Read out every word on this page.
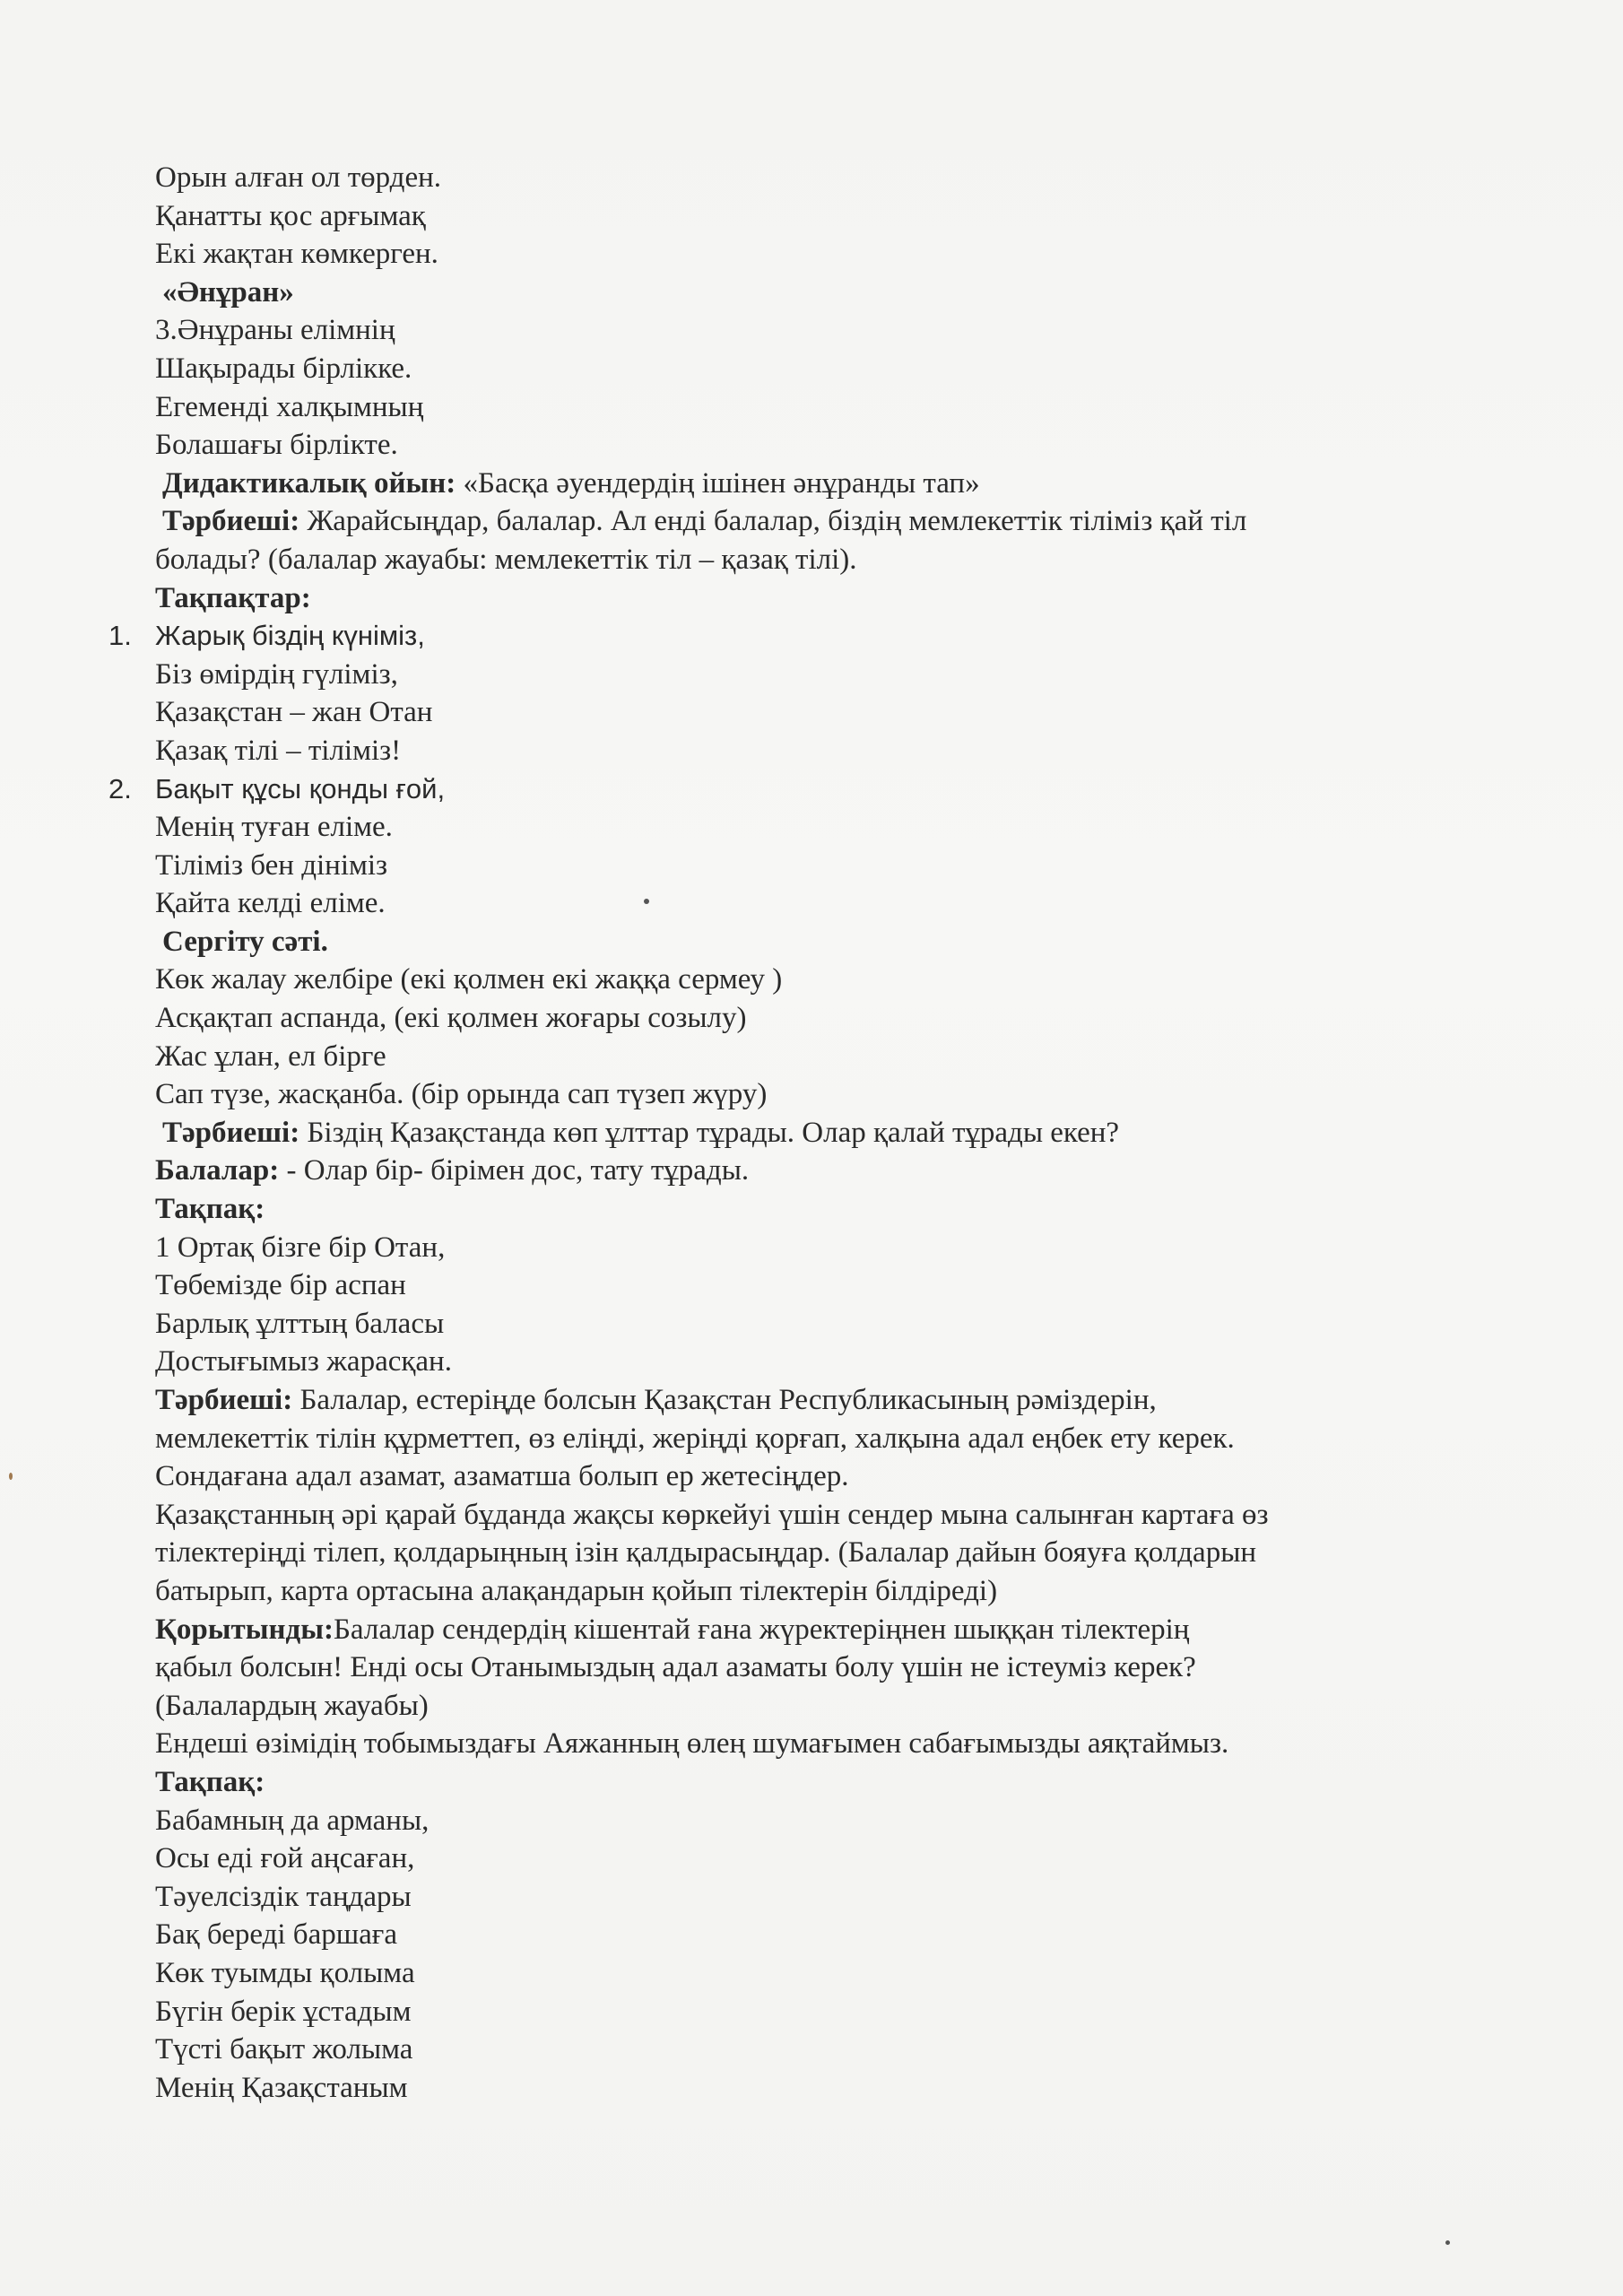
Орын алған ол төрден.
Қанатты қос арғымақ
Екі жақтан көмкерген.
«Әнұран»
3.Әнұраны елімнің
Шақырады бірлікке.
Егеменді халқымның
Болашағы бірлікте.
Дидактикалық ойын: «Басқа әуендердің ішінен әнұранды тап»
Тәрбиеші: Жарайсыңдар, балалар. Ал енді балалар, біздің мемлекеттік тіліміз қай тіл
болады? (балалар жауабы: мемлекеттік тіл – қазақ тілі).
Тақпақтар:
1. Жарық біздің күніміз,
Біз өмірдің гүліміз,
Қазақстан – жан Отан
Қазақ тілі – тіліміз!
2. Бақыт құсы қонды ғой,
Менің туған еліме.
Тіліміз бен дініміз
Қайта келді еліме.
Сергіту сәті.
Көк жалау желбіре (екі қолмен екі жаққа сермеу )
Асқақтап аспанда, (екі қолмен жоғары созылу)
Жас ұлан, ел бірге
Сап түзе, жасқанба. (бір орында сап түзеп жүру)
Тәрбиеші: Біздің Қазақстанда көп ұлттар тұрады. Олар қалай тұрады екен?
Балалар: - Олар бір- бірімен дос, тату тұрады.
Тақпақ:
1 Ортақ бізге бір Отан,
Төбемізде бір аспан
Барлық ұлттың баласы
Достығымыз жарасқан.
Тәрбиеші: Балалар, естеріңде болсын Қазақстан Республикасының рәміздерін,
мемлекеттік тілін құрметтеп, өз еліңді, жеріңді қорғап, халқына адал еңбек ету керек.
Сондағана адал азамат, азаматша болып ер жетесіңдер.
Қазақстанның әрі қарай бұданда жақсы көркейуі үшін сендер мына салынған картаға өз
тілектеріңді тілеп, қолдарыңның ізін қалдырасыңдар. (Балалар дайын бояуға қолдарын
батырып, карта ортасына алақандарын қойып тілектерін білдіреді)
Қорытынды:Балалар сендердің кішентай ғана жүректеріңнен шыққан тілектерің
қабыл болсын! Енді осы Отанымыздың адал азаматы болу үшін не істеуміз керек?
(Балалардың жауабы)
Ендеші өзімідің тобымыздағы Аяжанның өлең шумағымен сабағымызды аяқтаймыз.
Тақпақ:
Бабамның да арманы,
Осы еді ғой аңсаған,
Тәуелсіздік таңдары
Бақ береді баршаға
Көк туымды қолыма
Бүгін берік ұстадым
Түсті бақыт жолыма
Менің Қазақстаным
